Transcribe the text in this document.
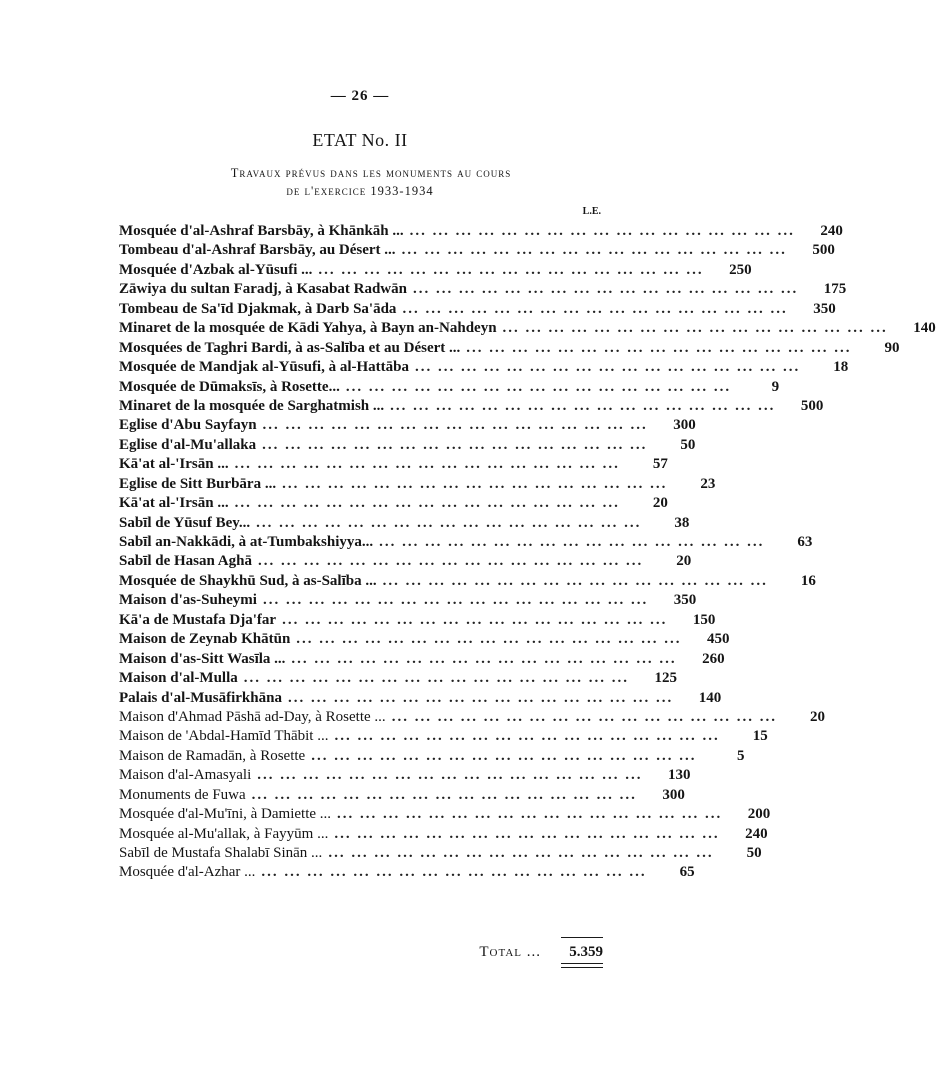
— 26 —
ETAT No. II
Travaux prévus dans les monuments au cours
de l'exercice 1933-1934
L.E.
Mosquée d'al-Ashraf Barsbāy, à Khānkāh ... ... .	240
Tombeau d'al-Ashraf Barsbāy, au Désert ... ... .	500
Mosquée d'Azbak al-Yūsufi ... ... .	250
Zāwiya du sultan Faradj, à Kasabat Radwān ... .	175
Tombeau de Sa'īd Djakmak, à Darb Sa'āda ... .	350
Minaret de la mosquée de Kādi Yahya, à Bayn an-Nahdeyn ... .	140
Mosquées de Taghri Bardi, à as-Salība et au Désert ... ... .	90
Mosquée de Mandjak al-Yūsufi, à al-Hattāba ... .	18
Mosquée de Dūmaksīs, à Rosette... ... .	9
Minaret de la mosquée de Sarghatmish ... ... .	500
Eglise d'Abu Sayfayn ... .	300
Eglise d'al-Mu'allaka ... .	50
Kā'at al-'Irsān ... ... .	57
Eglise de Sitt Burbāra ... ... .	23
Kā'at al-'Irsān ... ... .	20
Sabīl de Yūsuf Bey... ... .	38
Sabīl an-Nakkādi, à at-Tumbakshiyya... ... .	63
Sabīl de Hasan Aghā ... .	20
Mosquée de Shaykhū Sud, à as-Salība ... ... .	16
Maison d'as-Suheymi ... .	350
Kā'a de Mustafa Dja'far ... .	150
Maison de Zeynab Khātūn ... .	450
Maison d'as-Sitt Wasīla ... ... .	260
Maison d'al-Mulla ... .	125
Palais d'al-Musāfirkhāna ... .	140
Maison d'Ahmad Pāshā ad-Day, à Rosette ... ... .	20
Maison de 'Abdal-Hamīd Thābit ... ... .	15
Maison de Ramadān, à Rosette ... .	5
Maison d'al-Amasyali ... .	130
Monuments de Fuwa ... .	300
Mosquée d'al-Mu'īni, à Damiette ... ... .	200
Mosquée al-Mu'allak, à Fayyūm ... ... .	240
Sabīl de Mustafa Shalabī Sinān ... ... .	50
Mosquée d'al-Azhar ... ... .	65
Total ...	5.359
